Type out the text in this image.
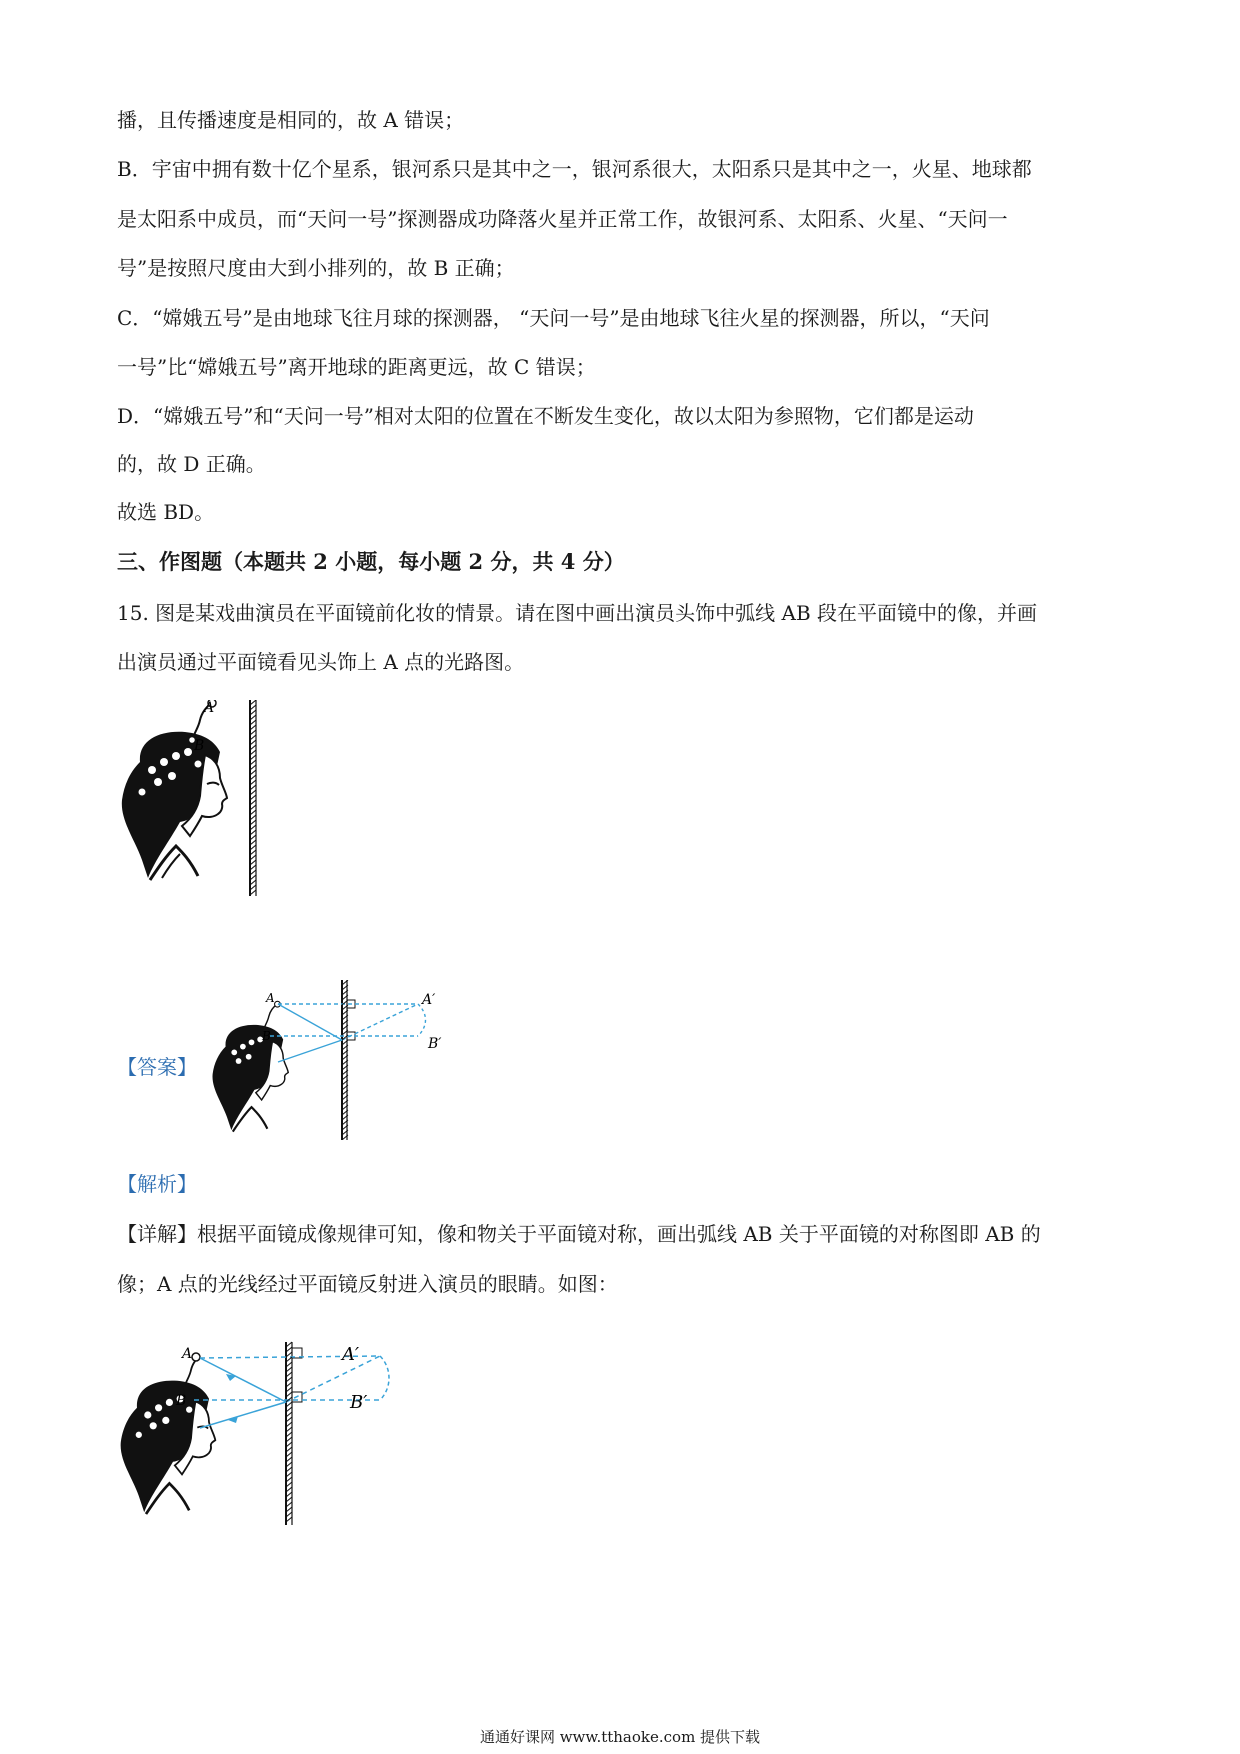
播，且传播速度是相同的，故 A 错误；
B．宇宙中拥有数十亿个星系，银河系只是其中之一，银河系很大，太阳系只是其中之一，火星、地球都
是太阳系中成员，而“天问一号”探测器成功降落火星并正常工作，故银河系、太阳系、火星、“天问一
号”是按照尺度由大到小排列的，故 B 正确；
C．“嫦娥五号”是由地球飞往月球的探测器， “天问一号”是由地球飞往火星的探测器，所以，“天问
一号”比“嫦娥五号”离开地球的距离更远，故 C 错误；
D．“嫦娥五号”和“天问一号”相对太阳的位置在不断发生变化，故以太阳为参照物，它们都是运动
的，故 D 正确。
故选 BD。
三、作图题（本题共 2 小题，每小题 2 分，共 4 分）
15. 图是某戏曲演员在平面镜前化妆的情景。请在图中画出演员头饰中弧线 AB 段在平面镜中的像，并画
出演员通过平面镜看见头饰上 A 点的光路图。
A
B
【答案】
A
B
A′
B′
【解析】
【详解】根据平面镜成像规律可知，像和物关于平面镜对称，画出弧线 AB 关于平面镜的对称图即 AB 的
像；A 点的光线经过平面镜反射进入演员的眼睛。如图：
A
B
A′
B′
通通好课网 www.tthaoke.com 提供下载
